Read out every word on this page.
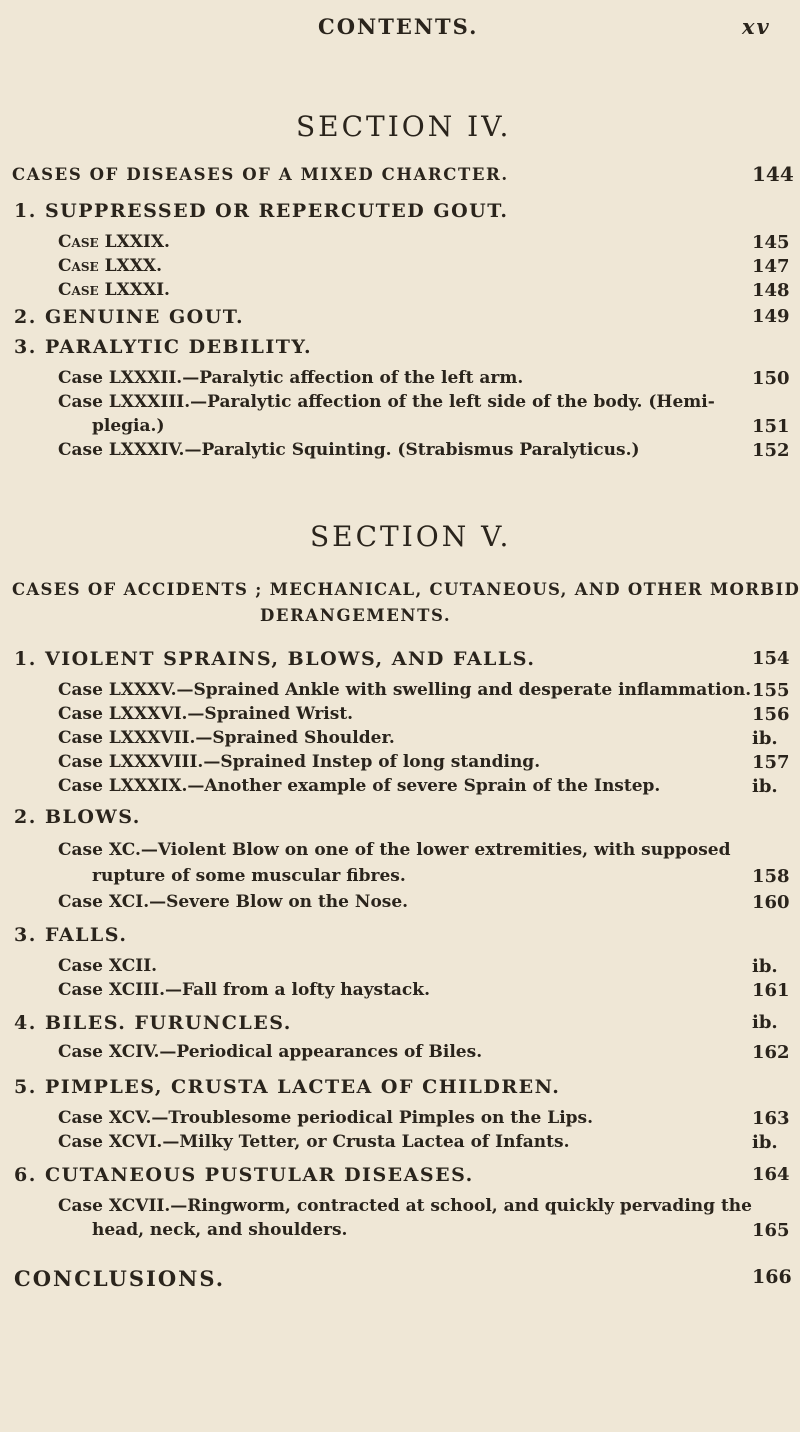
CONTENTS.	xv
SECTION IV.
CASES OF DISEASES OF A MIXED CHARCTER.	144
1. SUPPRESSED OR REPERCUTED GOUT.
Case LXXIX.	145
Case LXXX.	147
Case LXXXI.	148
2. GENUINE GOUT.	149
3. PARALYTIC DEBILITY.
Case LXXXII.—Paralytic affection of the left arm.	150
Case LXXXIII.—Paralytic affection of the left side of the body. (Hemi-
plegia.)	151
Case LXXXIV.—Paralytic Squinting. (Strabismus Paralyticus.)	152
SECTION V.
CASES OF ACCIDENTS ; MECHANICAL, CUTANEOUS, AND OTHER MORBID
DERANGEMENTS.
1. VIOLENT SPRAINS, BLOWS, AND FALLS.	154
Case LXXXV.—Sprained Ankle with swelling and desperate inflammation. 155
Case LXXXVI.—Sprained Wrist.	156
Case LXXXVII.—Sprained Shoulder.	ib.
Case LXXXVIII.—Sprained Instep of long standing.	157
Case LXXXIX.—Another example of severe Sprain of the Instep.	ib.
2. BLOWS.
Case XC.—Violent Blow on one of the lower extremities, with supposed
rupture of some muscular fibres.	158
Case XCI.—Severe Blow on the Nose.	160
3. FALLS.
Case XCII.	ib.
Case XCIII.—Fall from a lofty haystack.	161
4. BILES. FURUNCLES.	ib.
Case XCIV.—Periodical appearances of Biles.	162
5. PIMPLES, CRUSTA LACTEA OF CHILDREN.
Case XCV.—Troublesome periodical Pimples on the Lips.	163
Case XCVI.—Milky Tetter, or Crusta Lactea of Infants.	ib.
6. CUTANEOUS PUSTULAR DISEASES.	164
Case XCVII.—Ringworm, contracted at school, and quickly pervading the
head, neck, and shoulders.	165
CONCLUSIONS.	166
